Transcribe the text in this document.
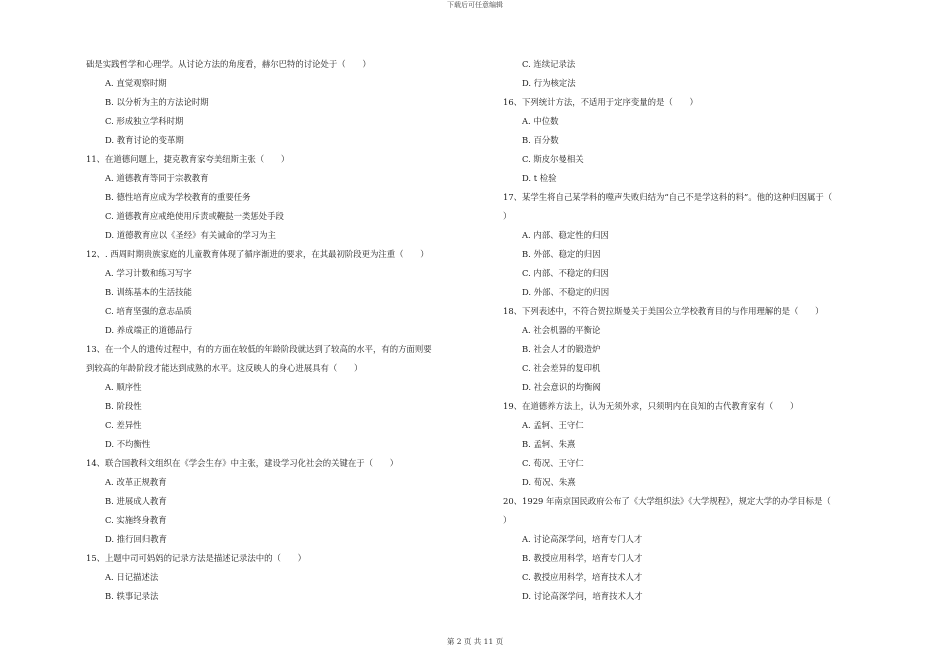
下载后可任意编辑
础是实践哲学和心理学。从讨论方法的角度看，赫尔巴特的讨论处于（　　）
A. 直觉观察时期
B. 以分析为主的方法论时期
C. 形成独立学科时期
D. 教育讨论的变革期
11、在道德问题上，捷克教育家夸美纽斯主张（　　）
A. 道德教育等同于宗教教育
B. 德性培育应成为学校教育的重要任务
C. 道德教育应戒绝使用斥责或鞭挞一类惩处手段
D. 道德教育应以《圣经》有关诫命的学习为主
12、. 西周时期贵族家庭的儿童教育体现了循序渐进的要求，在其最初阶段更为注重（　　）
A. 学习计数和练习写字
B. 训练基本的生活技能
C. 培育坚强的意志品质
D. 养成端正的道德品行
13、在一个人的遗传过程中，有的方面在较低的年龄阶段就达到了较高的水平，有的方面则要
到较高的年龄阶段才能达到成熟的水平。这反映人的身心进展具有（　　）
A. 顺序性
B. 阶段性
C. 差异性
D. 不均衡性
14、联合国教科文组织在《学会生存》中主张，建设学习化社会的关键在于（　　）
A. 改革正规教育
B. 进展成人教育
C. 实施终身教育
D. 推行回归教育
15、上题中司可妈妈的记录方法是描述记录法中的（　　）
A. 日记描述法
B. 轶事记录法
C. 连续记录法
D. 行为核定法
16、下列统计方法，不适用于定序变量的是（　　）
A. 中位数
B. 百分数
C. 斯皮尔曼相关
D. t 检验
17、某学生将自己某学科的噬声失败归结为“自己不是学这科的料”。他的这种归因属于（
）
A. 内部、稳定性的归因
B. 外部、稳定的归因
C. 内部、不稳定的归因
D. 外部、不稳定的归因
18、下列表述中，不符合贺拉斯曼关于美国公立学校教育目的与作用理解的是（　　）
A. 社会机器的平衡论
B. 社会人才的锻造炉
C. 社会差异的复印机
D. 社会意识的均衡阀
19、在道德养方法上，认为无须外求，只须明内在良知的古代教育家有（　　）
A. 孟轲、王守仁
B. 孟轲、朱熹
C. 荀况、王守仁
D. 荀况、朱熹
20、1929 年南京国民政府公布了《大学组织法》《大学规程》，规定大学的办学目标是（
）
A. 讨论高深学问，培育专门人才
B. 教授应用科学，培育专门人才
C. 教授应用科学，培育技术人才
D. 讨论高深学问，培育技术人才
第 2 页 共 11 页
